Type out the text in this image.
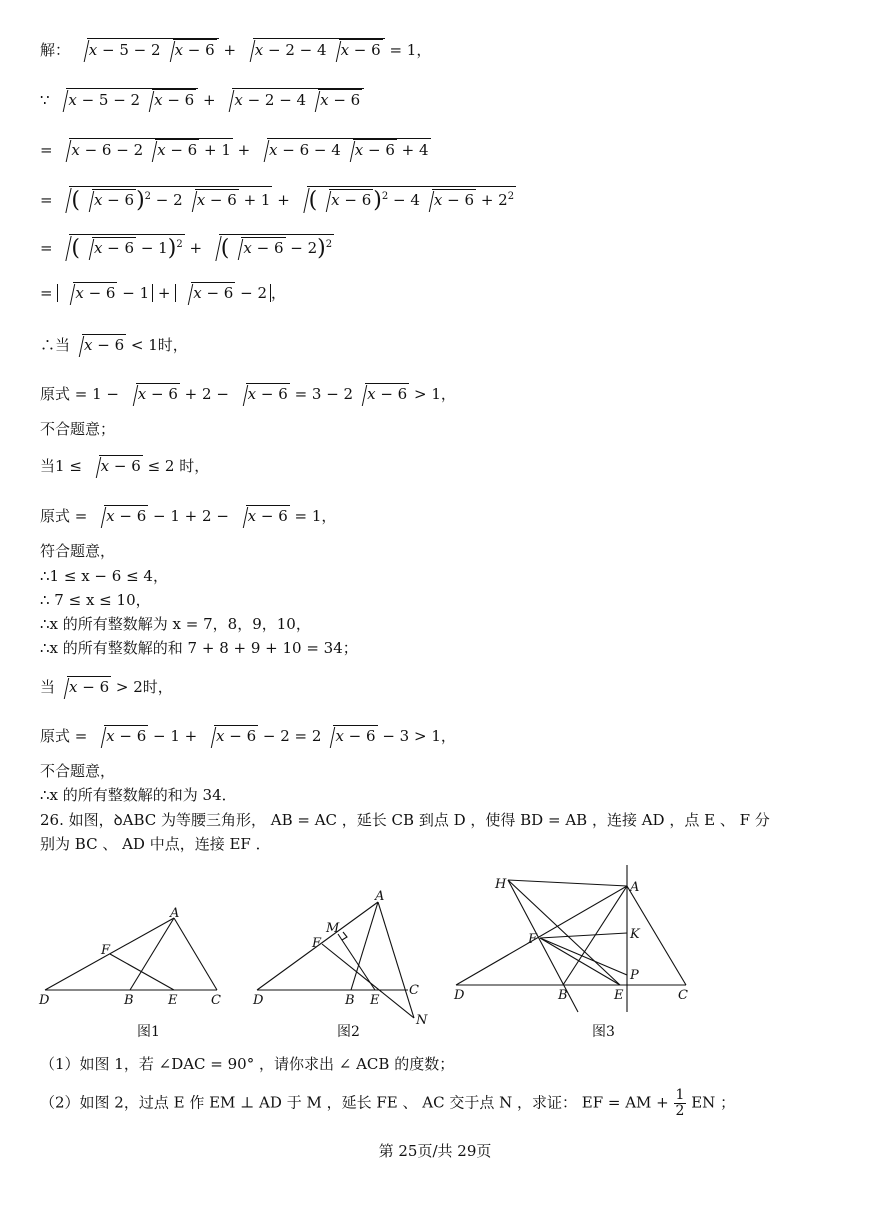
解： x − 5 − 2 x − 6 + x − 2 − 4 x − 6 = 1，
∵ x − 5 − 2 x − 6 + x − 2 − 4 x − 6
= x − 6 − 2 x − 6 + 1 + x − 6 − 4 x − 6 + 4
= ( x − 6)$^2$ − 2 x − 6 + 1 + ( x − 6)$^2$ − 4 $x - 6 + 2^2$
= ( x − 6 − 1)$^2$ + ( x − 6 − 2)$^2$
= x − 6 − 1 + x − 6 − 2 ，
∴当 x − 6 < 1时，
原式 = 1 − x − 6 + 2 − x − 6 = 3 − 2 x − 6 > 1，
不合题意；
当1 ≤ x − 6 ≤ 2 时，
原式 = x − 6 − 1 + 2 − x − 6 = 1，
符合题意，
∴1 ≤ x − 6 ≤ 4，
∴ 7 ≤ x ≤ 10，
∴x 的所有整数解为 x = 7，8，9，10，
∴x 的所有整数解的和 7 + 8 + 9 + 10 = 34；
当 x − 6 > 2时，
原式 = x − 6 − 1 + x − 6 − 2 = 2 x − 6 − 3 > 1，
不合题意，
∴x 的所有整数解的和为 34．
26. 如图，ꝺABC 为等腰三角形， AB = AC ，延长 CB 到点 D ，使得 BD = AB ，连接 AD ，点 E 、 F 分
别为 BC 、 AD 中点，连接 EF ．
A
F
D	B	E	C
图1
A
M
F
D	B E
C
N
图2
H	A
F	K
P
D	B	E	C
图3
（1）如图 1，若 ∠DAC = 90° ，请你求出 ∠ ACB 的度数；
（2）如图 2，过点 E 作 EM ⊥ AD 于 M ，延长 FE 、 AC 交于点 N ，求证： EF = AM + $\frac{1}{2}$ EN ；
第 25页/共 29页
